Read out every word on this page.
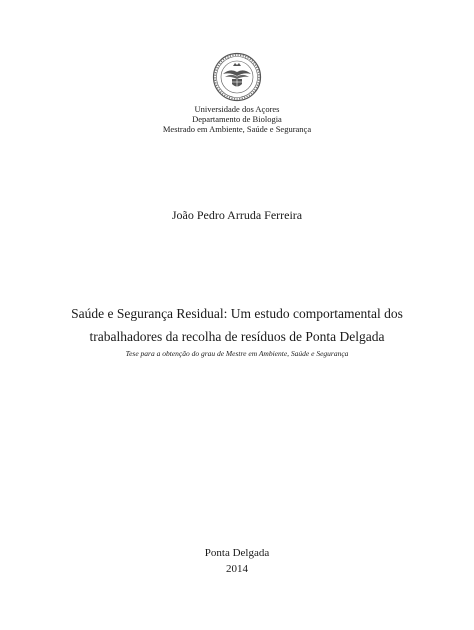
Universidade dos Açores
Departamento de Biologia
Mestrado em Ambiente, Saúde e Segurança
João Pedro Arruda Ferreira
Saúde e Segurança Residual: Um estudo comportamental dos
trabalhadores da recolha de resíduos de Ponta Delgada
Tese para a obtenção do grau de Mestre em Ambiente, Saúde e Segurança
Ponta Delgada
2014
